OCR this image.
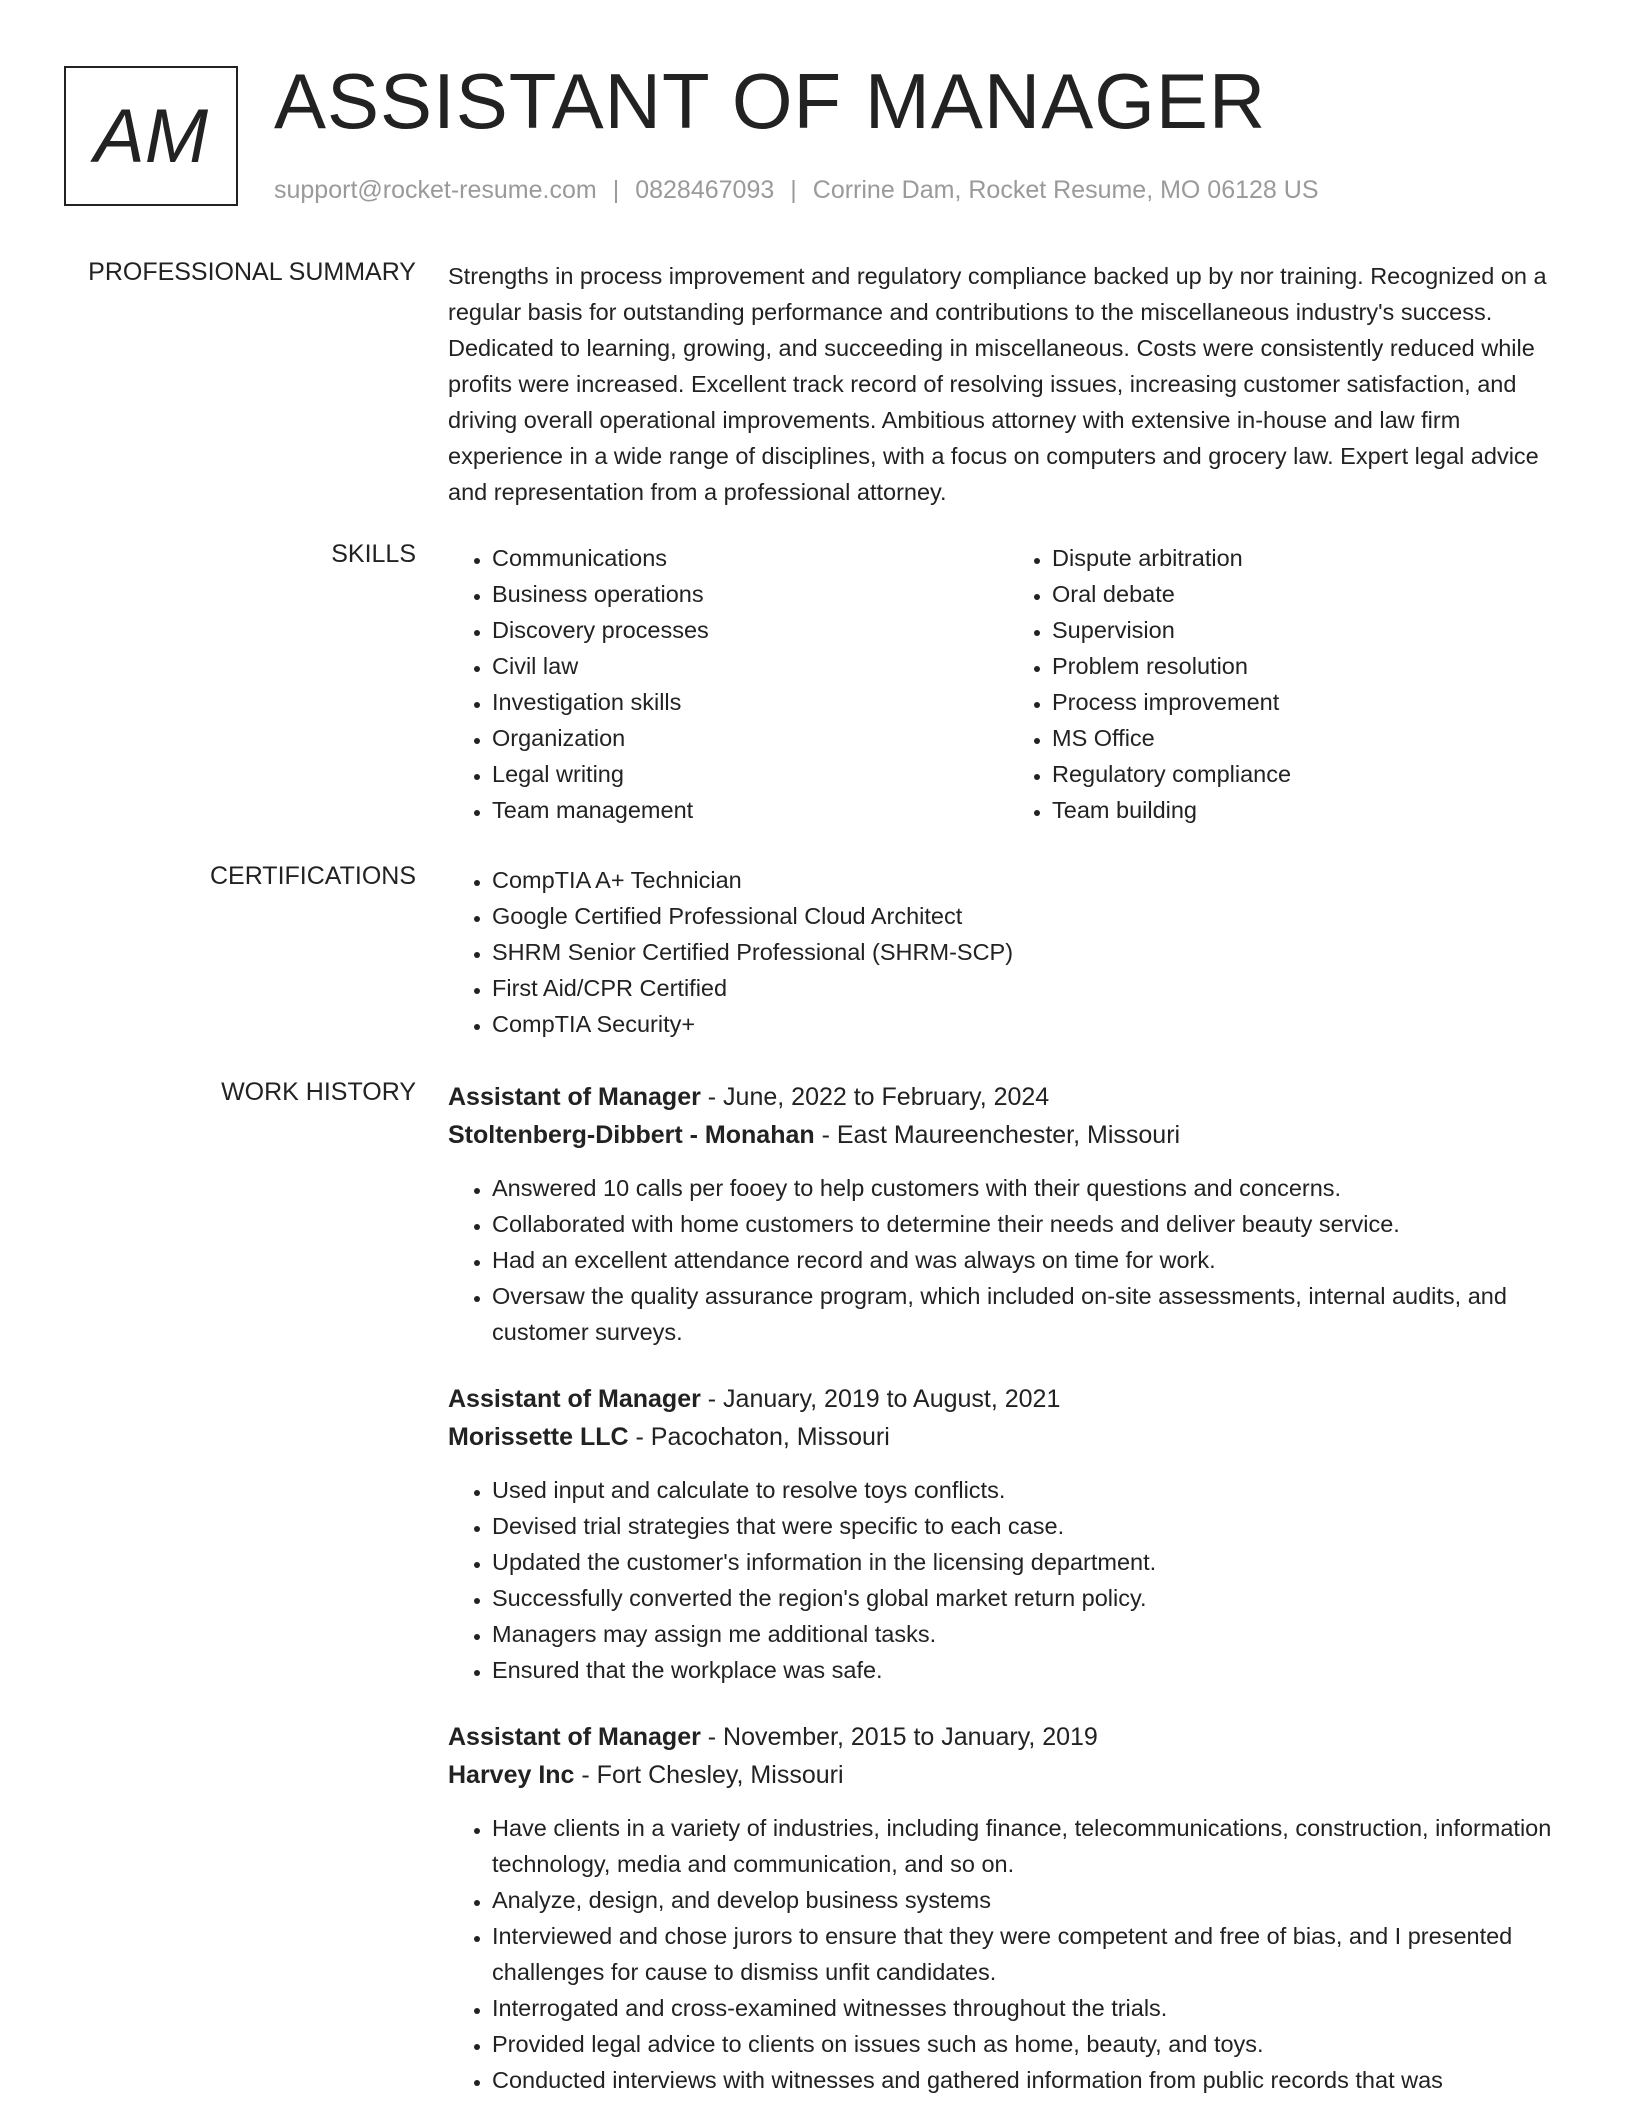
AM ASSISTANT OF MANAGER
support@rocket-resume.com | 0828467093 | Corrine Dam, Rocket Resume, MO 06128 US
PROFESSIONAL SUMMARY Strengths in process improvement and regulatory compliance backed up by nor training. Recognized on a regular basis for outstanding performance and contributions to the miscellaneous industry's success. Dedicated to learning, growing, and succeeding in miscellaneous. Costs were consistently reduced while profits were increased. Excellent track record of resolving issues, increasing customer satisfaction, and driving overall operational improvements. Ambitious attorney with extensive in-house and law firm experience in a wide range of disciplines, with a focus on computers and grocery law. Expert legal advice and representation from a professional attorney.
SKILLS	• Communications
• Business operations
• Discovery processes
• Civil law
• Investigation skills
• Organization
• Legal writing
• Team management
• Dispute arbitration
• Oral debate
• Supervision
• Problem resolution
• Process improvement
• MS Office
• Regulatory compliance
• Team building
CERTIFICATIONS	• CompTIA A+ Technician
• Google Certified Professional Cloud Architect
• SHRM Senior Certified Professional (SHRM-SCP)
• First Aid/CPR Certified
• CompTIA Security+
WORK HISTORY Assistant of Manager - June, 2022 to February, 2024
Stoltenberg-Dibbert - Monahan - East Maureenchester, Missouri
• Answered 10 calls per fooey to help customers with their questions and concerns.
• Collaborated with home customers to determine their needs and deliver beauty service.
• Had an excellent attendance record and was always on time for work.
• Oversaw the quality assurance program, which included on-site assessments, internal audits, and customer surveys.
Assistant of Manager - January, 2019 to August, 2021
Morissette LLC - Pacochaton, Missouri
• Used input and calculate to resolve toys conflicts.
• Devised trial strategies that were specific to each case.
• Updated the customer's information in the licensing department.
• Successfully converted the region's global market return policy.
• Managers may assign me additional tasks.
• Ensured that the workplace was safe.
Assistant of Manager - November, 2015 to January, 2019
Harvey Inc - Fort Chesley, Missouri
• Have clients in a variety of industries, including finance, telecommunications, construction, information technology, media and communication, and so on.
• Analyze, design, and develop business systems
• Interviewed and chose jurors to ensure that they were competent and free of bias, and I presented challenges for cause to dismiss unfit candidates.
• Interrogated and cross-examined witnesses throughout the trials.
• Provided legal advice to clients on issues such as home, beauty, and toys.
• Conducted interviews with witnesses and gathered information from public records that was
